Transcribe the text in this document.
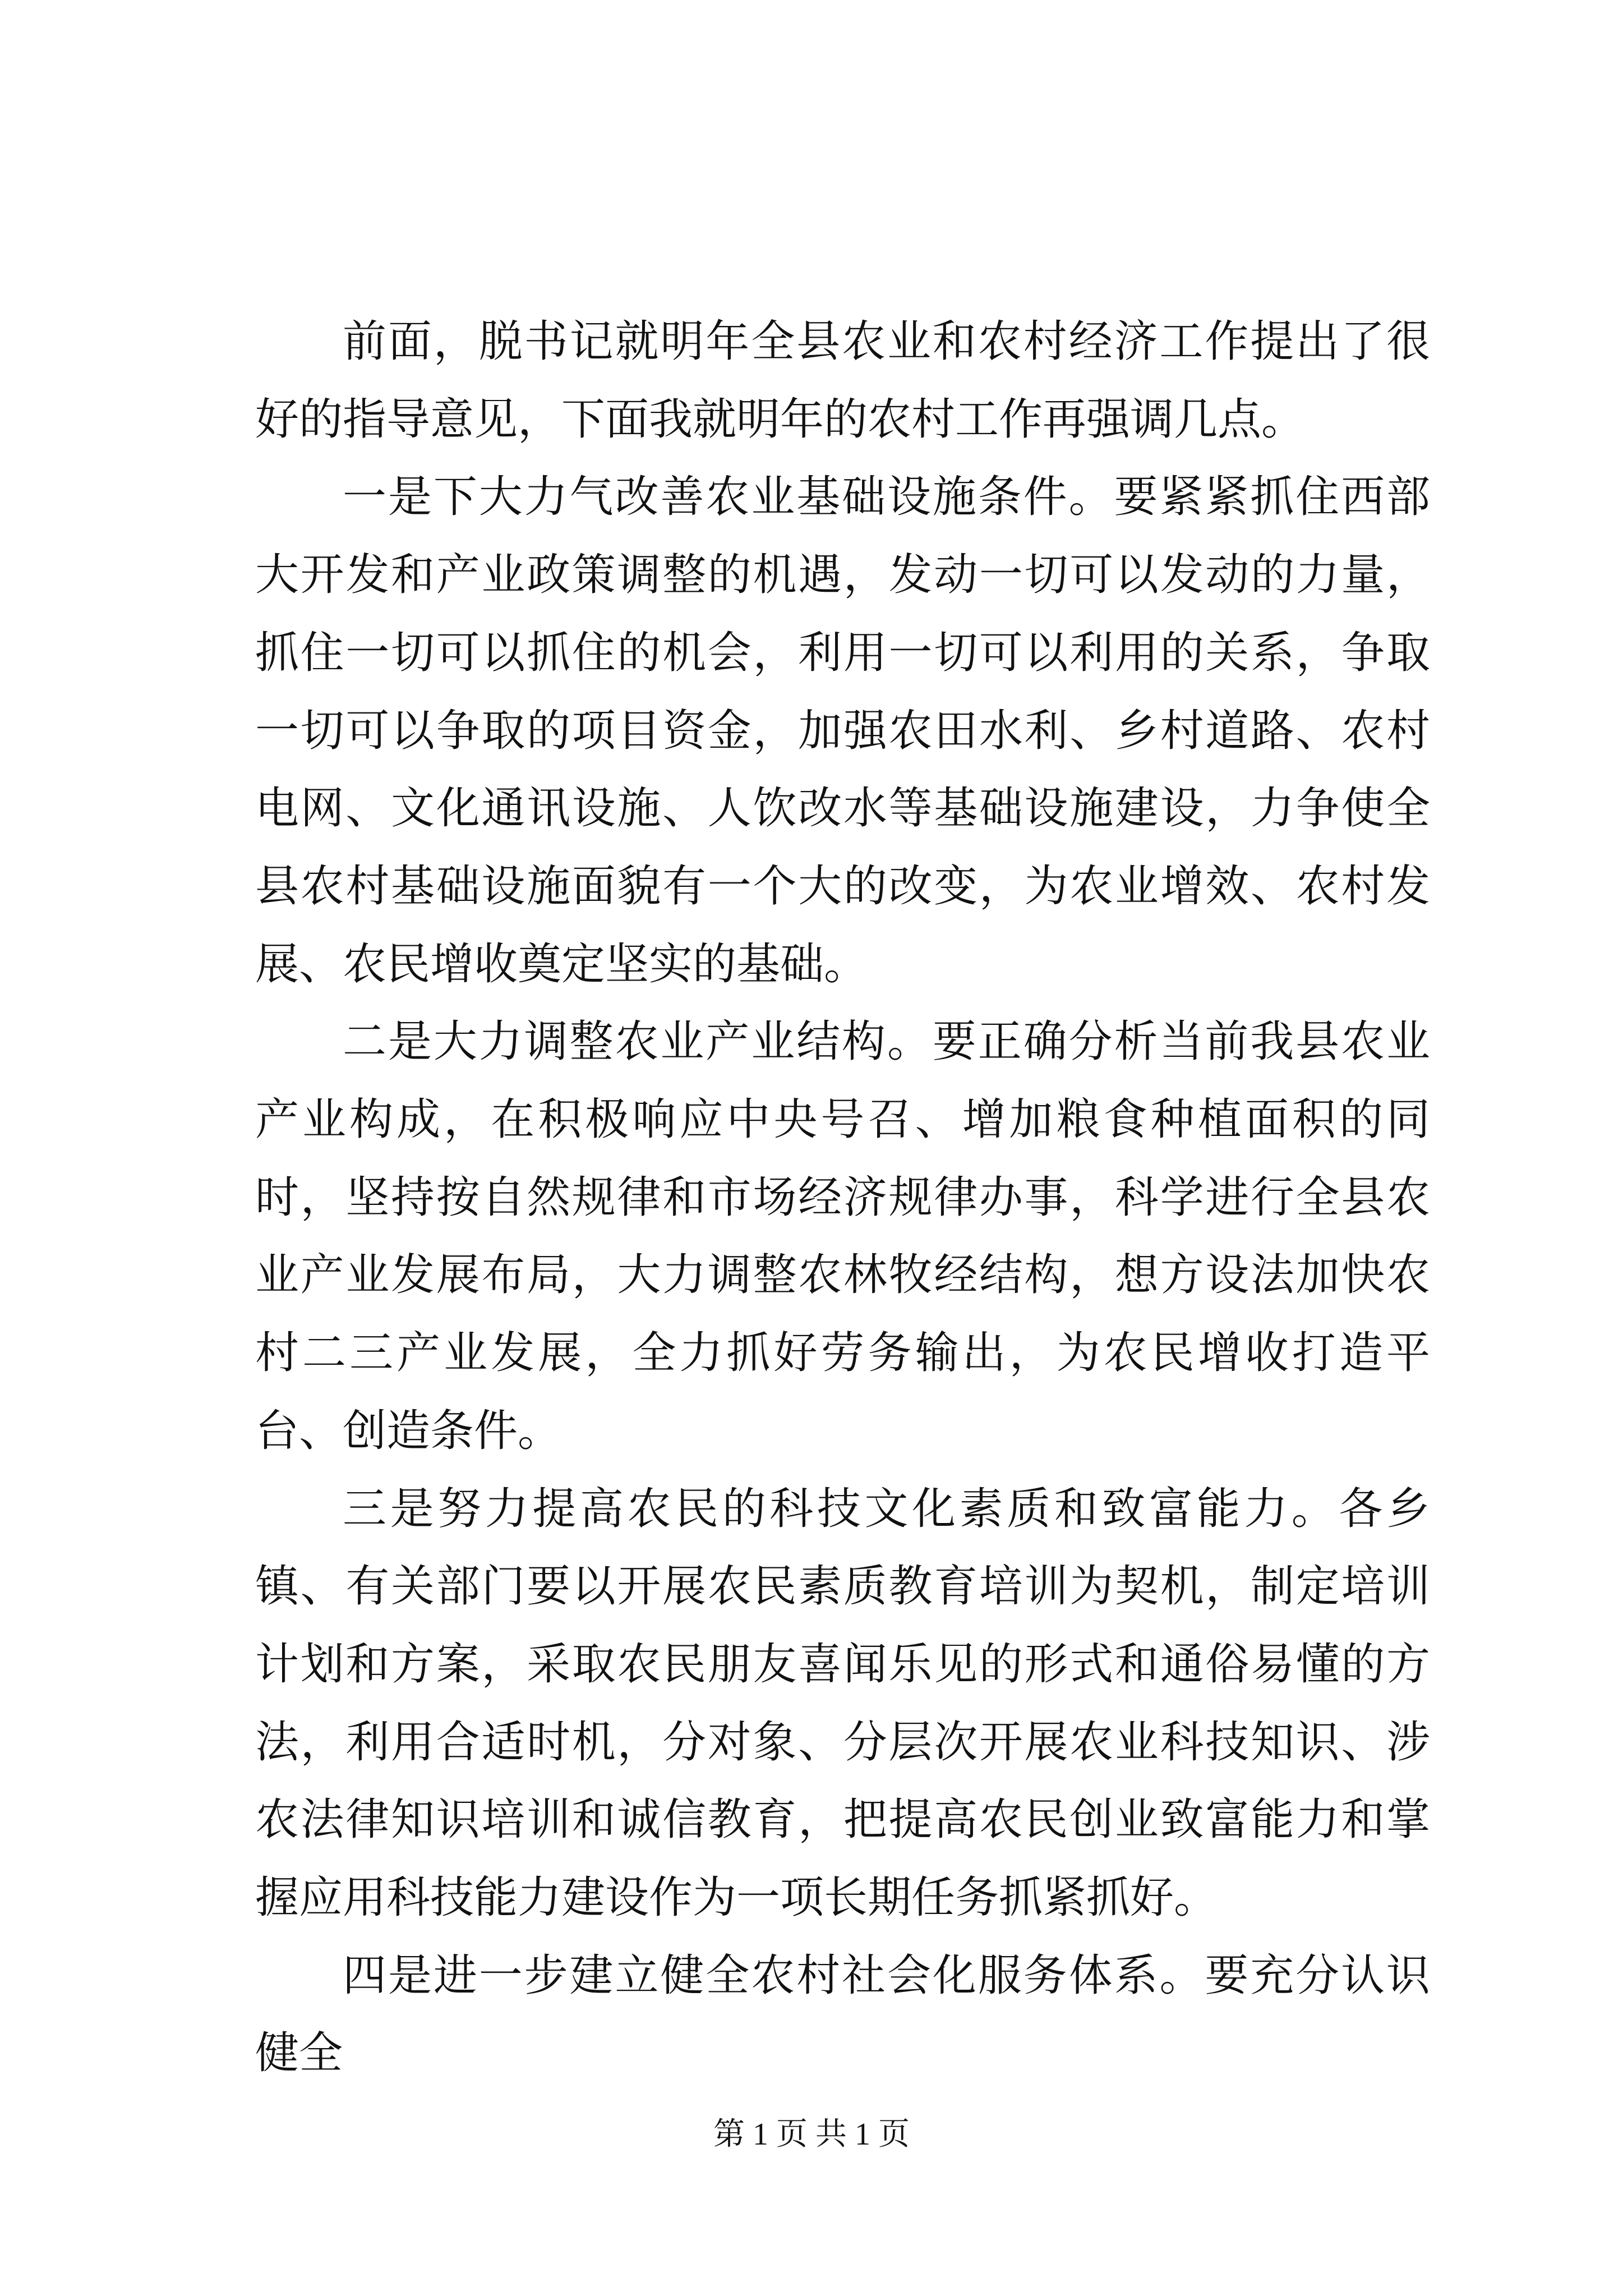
前面，脱书记就明年全县农业和农村经济工作提出了很好的指导意见，下面我就明年的农村工作再强调几点。

一是下大力气改善农业基础设施条件。要紧紧抓住西部大开发和产业政策调整的机遇，发动一切可以发动的力量，抓住一切可以抓住的机会，利用一切可以利用的关系，争取一切可以争取的项目资金，加强农田水利、乡村道路、农村电网、文化通讯设施、人饮改水等基础设施建设，力争使全县农村基础设施面貌有一个大的改变，为农业增效、农村发展、农民增收奠定坚实的基础。

二是大力调整农业产业结构。要正确分析当前我县农业产业构成，在积极响应中央号召、增加粮食种植面积的同时，坚持按自然规律和市场经济规律办事，科学进行全县农业产业发展布局，大力调整农林牧经结构，想方设法加快农村二三产业发展，全力抓好劳务输出，为农民增收打造平台、创造条件。

三是努力提高农民的科技文化素质和致富能力。各乡镇、有关部门要以开展农民素质教育培训为契机，制定培训计划和方案，采取农民朋友喜闻乐见的形式和通俗易懂的方法，利用合适时机，分对象、分层次开展农业科技知识、涉农法律知识培训和诚信教育，把提高农民创业致富能力和掌握应用科技能力建设作为一项长期任务抓紧抓好。

四是进一步建立健全农村社会化服务体系。要充分认识健全

第 1 页 共 1 页
